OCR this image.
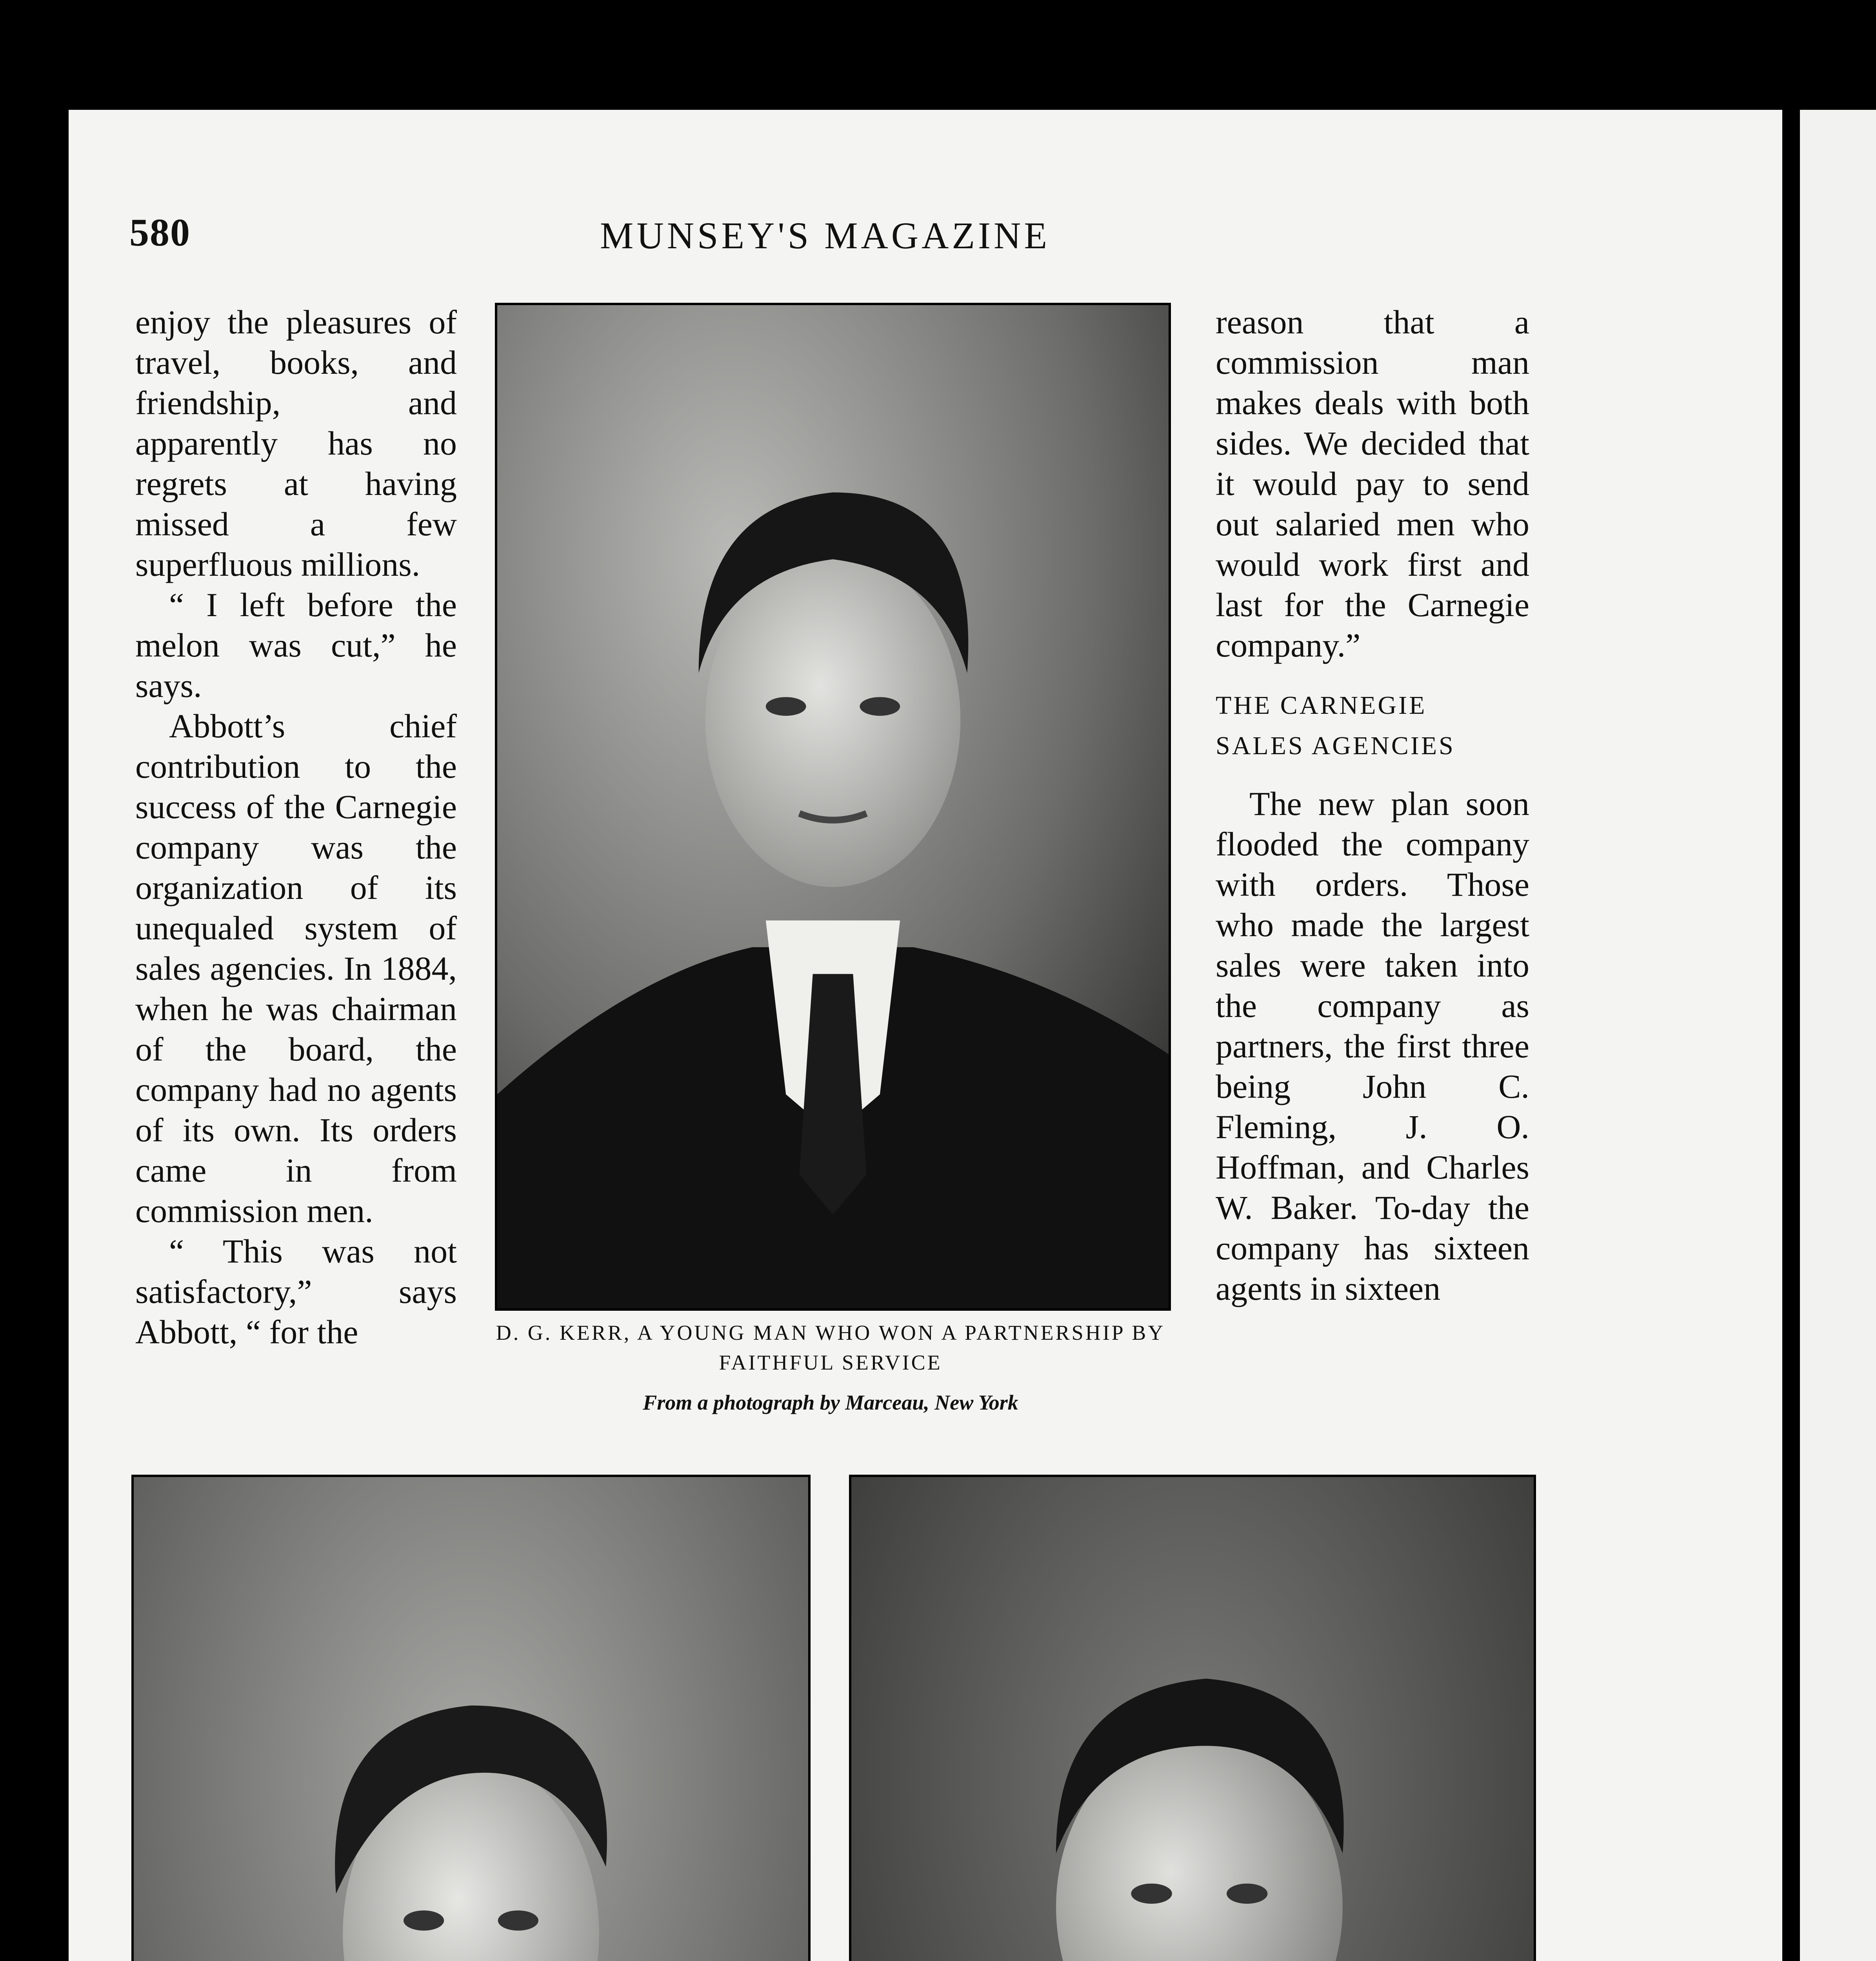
580	MUNSEY'S MAGAZINE

enjoy the pleasures of travel, books, and friendship, and apparently has no regrets at having missed a few superfluous millions.

“ I left before the melon was cut,” he says.

Abbott’s chief contribution to the success of the Carnegie company was the organization of its unequaled system of sales agencies. In 1884, when he was chairman of the board, the company had no agents of its own. Its orders came in from commission men.

“ This was not satisfactory,” says Abbott, “ for the

reason that a commission man makes deals with both sides. We decided that it would pay to send out salaried men who would work first and last for the Carnegie company.”

THE CARNEGIE
SALES AGENCIES

The new plan soon flooded the company with orders. Those who made the largest sales were taken into the company as partners, the first three being John C. Fleming, J. O. Hoffman, and Charles W. Baker. To-day the company has sixteen agents in sixteen

D. G. KERR, A YOUNG MAN WHO WON A PARTNERSHIP BY FAITHFUL SERVICE
From a photograph by Marceau, New York
